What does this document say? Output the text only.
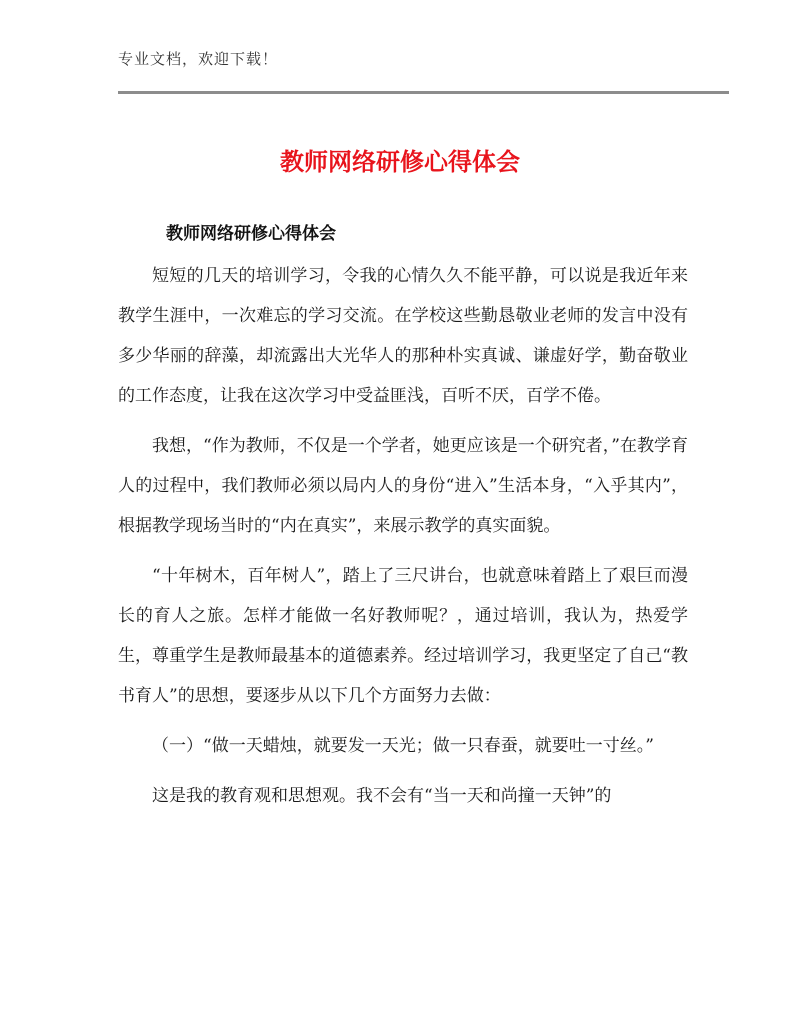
专业文档，欢迎下载！
教师网络研修心得体会
教师网络研修心得体会

短短的几天的培训学习，令我的心情久久不能平静，可以说是我近年来教学生涯中，一次难忘的学习交流。在学校这些勤恳敬业老师的发言中没有多少华丽的辞藻，却流露出大光华人的那种朴实真诚、谦虚好学，勤奋敬业的工作态度，让我在这次学习中受益匪浅，百听不厌，百学不倦。

我想，“作为教师，不仅是一个学者，她更应该是一个研究者，”在教学育人的过程中，我们教师必须以局内人的身份“进入”生活本身，“入乎其内”，根据教学现场当时的“内在真实”，来展示教学的真实面貌。

“十年树木，百年树人”，踏上了三尺讲台，也就意味着踏上了艰巨而漫长的育人之旅。怎样才能做一名好教师呢？，通过培训，我认为，热爱学生，尊重学生是教师最基本的道德素养。经过培训学习，我更坚定了自己“教书育人”的思想，要逐步从以下几个方面努力去做：

（一）“做一天蜡烛，就要发一天光；做一只春蚕，就要吐一寸丝。”

这是我的教育观和思想观。我不会有“当一天和尚撞一天钟”的
